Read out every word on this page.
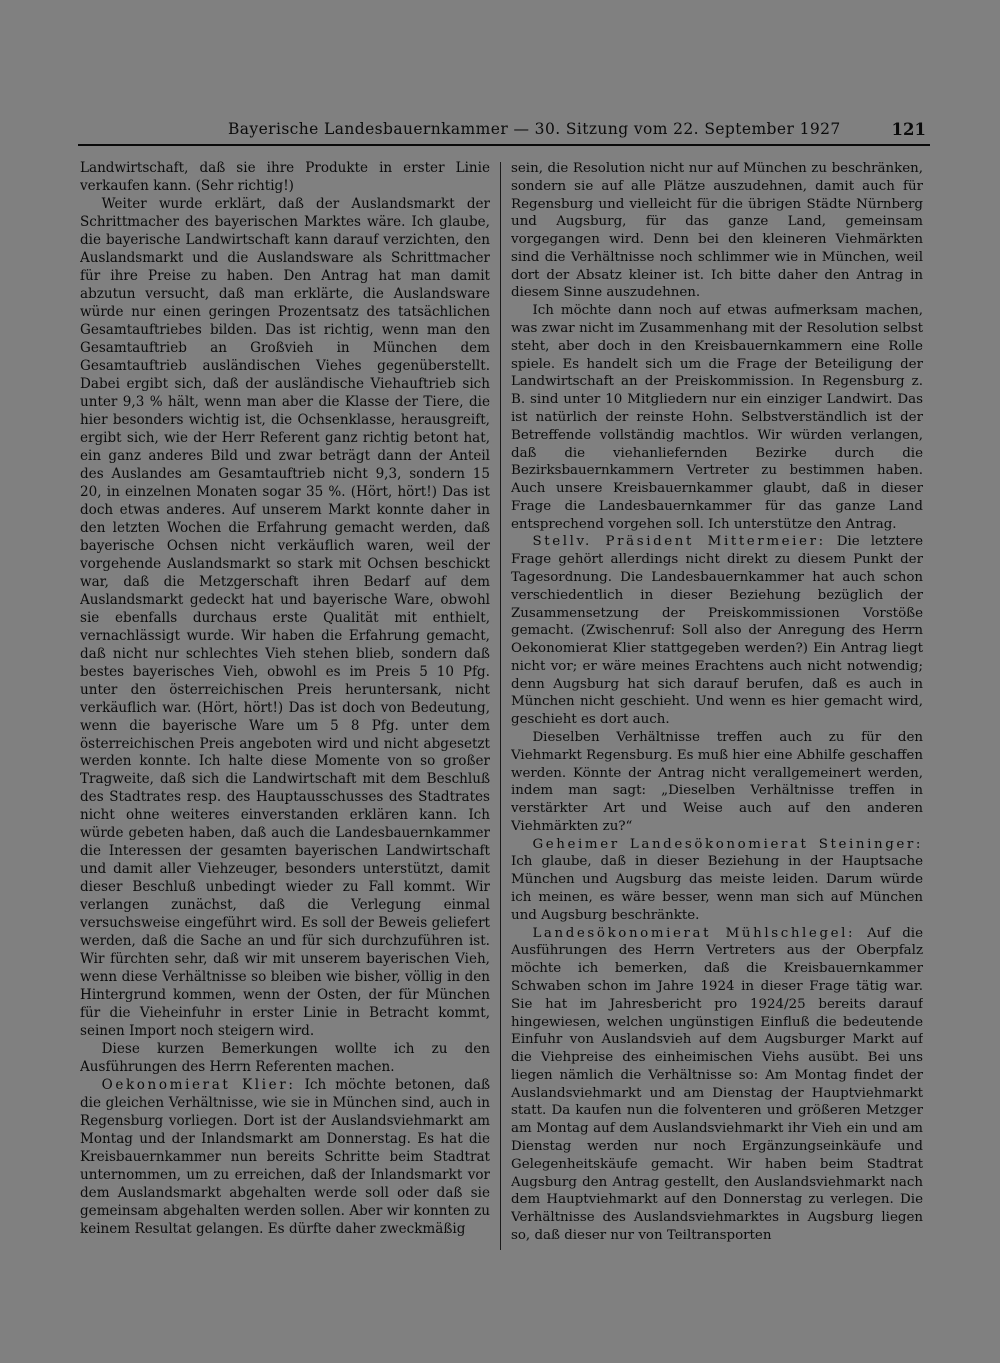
Bayerische Landesbauernkammer — 30. Sitzung vom 22. September 1927	121

Landwirtschaft, daß sie ihre Produkte in erster Linie verkaufen kann. (Sehr richtig!)

Weiter wurde erklärt, daß der Auslandsmarkt der Schrittmacher des bayerischen Marktes wäre. Ich glaube, die bayerische Landwirtschaft kann darauf verzichten, den Auslandsmarkt und die Auslandsware als Schrittmacher für ihre Preise zu haben. Den Antrag hat man damit abzutun versucht, daß man erklärte, die Auslandsware würde nur einen geringen Prozentsatz des tatsächlichen Gesamtauftriebes bilden. Das ist richtig, wenn man den Gesamtauftrieb an Großvieh in München dem Gesamtauftrieb ausländischen Viehes gegenüberstellt. Dabei ergibt sich, daß der ausländische Viehauftrieb sich unter 9,3 % hält, wenn man aber die Klasse der Tiere, die hier besonders wichtig ist, die Ochsenklasse, herausgreift, ergibt sich, wie der Herr Referent ganz richtig betont hat, ein ganz anderes Bild und zwar beträgt dann der Anteil des Auslandes am Gesamtauftrieb nicht 9,3, sondern 15 20, in einzelnen Monaten sogar 35 %. (Hört, hört!) Das ist doch etwas anderes. Auf unserem Markt konnte daher in den letzten Wochen die Erfahrung gemacht werden, daß bayerische Ochsen nicht verkäuflich waren, weil der vorgehende Auslandsmarkt so stark mit Ochsen beschickt war, daß die Metzgerschaft ihren Bedarf auf dem Auslandsmarkt gedeckt hat und bayerische Ware, obwohl sie ebenfalls durchaus erste Qualität mit enthielt, vernachlässigt wurde. Wir haben die Erfahrung gemacht, daß nicht nur schlechtes Vieh stehen blieb, sondern daß bestes bayerisches Vieh, obwohl es im Preis 5 10 Pfg. unter den österreichischen Preis heruntersank, nicht verkäuflich war. (Hört, hört!) Das ist doch von Bedeutung, wenn die bayerische Ware um 5 8 Pfg. unter dem österreichischen Preis angeboten wird und nicht abgesetzt werden konnte. Ich halte diese Momente von so großer Tragweite, daß sich die Landwirtschaft mit dem Beschluß des Stadtrates resp. des Hauptausschusses des Stadtrates nicht ohne weiteres einverstanden erklären kann. Ich würde gebeten haben, daß auch die Landesbauernkammer die Interessen der gesamten bayerischen Landwirtschaft und damit aller Viehzeuger, besonders unterstützt, damit dieser Beschluß unbedingt wieder zu Fall kommt. Wir verlangen zunächst, daß die Verlegung einmal versuchsweise eingeführt wird. Es soll der Beweis geliefert werden, daß die Sache an und für sich durchzuführen ist. Wir fürchten sehr, daß wir mit unserem bayerischen Vieh, wenn diese Verhältnisse so bleiben wie bisher, völlig in den Hintergrund kommen, wenn der Osten, der für München für die Vieheinfuhr in erster Linie in Betracht kommt, seinen Import noch steigern wird.

Diese kurzen Bemerkungen wollte ich zu den Ausführungen des Herrn Referenten machen.

Oekonomierat Klier: Ich möchte betonen, daß die gleichen Verhältnisse, wie sie in München sind, auch in Regensburg vorliegen. Dort ist der Auslandsviehmarkt am Montag und der Inlandsmarkt am Donnerstag. Es hat die Kreisbauernkammer nun bereits Schritte beim Stadtrat unternommen, um zu erreichen, daß der Inlandsmarkt vor dem Auslandsmarkt abgehalten werde soll oder daß sie gemeinsam abgehalten werden sollen. Aber wir konnten zu keinem Resultat gelangen. Es dürfte daher zweckmäßig

sein, die Resolution nicht nur auf München zu beschränken, sondern sie auf alle Plätze auszudehnen, damit auch für Regensburg und vielleicht für die übrigen Städte Nürnberg und Augsburg, für das ganze Land, gemeinsam vorgegangen wird. Denn bei den kleineren Viehmärkten sind die Verhältnisse noch schlimmer wie in München, weil dort der Absatz kleiner ist. Ich bitte daher den Antrag in diesem Sinne auszudehnen.

Ich möchte dann noch auf etwas aufmerksam machen, was zwar nicht im Zusammenhang mit der Resolution selbst steht, aber doch in den Kreisbauernkammern eine Rolle spiele. Es handelt sich um die Frage der Beteiligung der Landwirtschaft an der Preiskommission. In Regensburg z. B. sind unter 10 Mitgliedern nur ein einziger Landwirt. Das ist natürlich der reinste Hohn. Selbstverständlich ist der Betreffende vollständig machtlos. Wir würden verlangen, daß die viehanliefernden Bezirke durch die Bezirksbauernkammern Vertreter zu bestimmen haben. Auch unsere Kreisbauernkammer glaubt, daß in dieser Frage die Landesbauernkammer für das ganze Land entsprechend vorgehen soll. Ich unterstütze den Antrag.

Stellv. Präsident Mittermeier: Die letztere Frage gehört allerdings nicht direkt zu diesem Punkt der Tagesordnung. Die Landesbauernkammer hat auch schon verschiedentlich in dieser Beziehung bezüglich der Zusammensetzung der Preiskommissionen Vorstöße gemacht. (Zwischenruf: Soll also der Anregung des Herrn Oekonomierat Klier stattgegeben werden?) Ein Antrag liegt nicht vor; er wäre meines Erachtens auch nicht notwendig; denn Augsburg hat sich darauf berufen, daß es auch in München nicht geschieht. Und wenn es hier gemacht wird, geschieht es dort auch.

Dieselben Verhältnisse treffen auch zu für den Viehmarkt Regensburg. Es muß hier eine Abhilfe geschaffen werden. Könnte der Antrag nicht verallgemeinert werden, indem man sagt: „Dieselben Verhältnisse treffen in verstärkter Art und Weise auch auf den anderen Viehmärkten zu?“

Geheimer Landesökonomierat Steininger: Ich glaube, daß in dieser Beziehung in der Hauptsache München und Augsburg das meiste leiden. Darum würde ich meinen, es wäre besser, wenn man sich auf München und Augsburg beschränkte.

Landesökonomierat Mühlschlegel: Auf die Ausführungen des Herrn Vertreters aus der Oberpfalz möchte ich bemerken, daß die Kreisbauernkammer Schwaben schon im Jahre 1924 in dieser Frage tätig war. Sie hat im Jahresbericht pro 1924/25 bereits darauf hingewiesen, welchen ungünstigen Einfluß die bedeutende Einfuhr von Auslandsvieh auf dem Augsburger Markt auf die Viehpreise des einheimischen Viehs ausübt. Bei uns liegen nämlich die Verhältnisse so: Am Montag findet der Auslandsviehmarkt und am Dienstag der Hauptviehmarkt statt. Da kaufen nun die folventeren und größeren Metzger am Montag auf dem Auslandsviehmarkt ihr Vieh ein und am Dienstag werden nur noch Ergänzungseinkäufe und Gelegenheitskäufe gemacht. Wir haben beim Stadtrat Augsburg den Antrag gestellt, den Auslandsviehmarkt nach dem Hauptviehmarkt auf den Donnerstag zu verlegen. Die Verhältnisse des Auslandsviehmarktes in Augsburg liegen so, daß dieser nur von Teiltransporten
